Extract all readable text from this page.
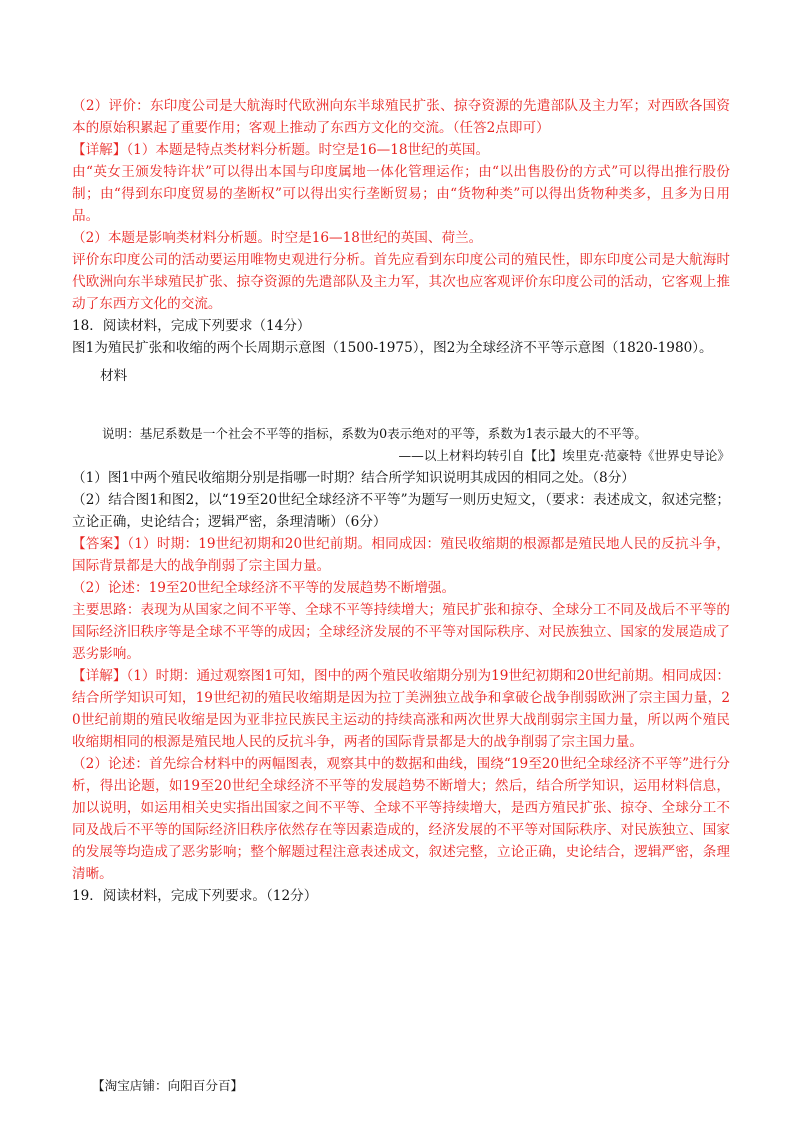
（2）评价：东印度公司是大航海时代欧洲向东半球殖民扩张、掠夺资源的先遣部队及主力军；对西欧各国资本的原始积累起了重要作用；客观上推动了东西方文化的交流。（任答2点即可）

【详解】（1）本题是特点类材料分析题。时空是16—18世纪的英国。

由“英女王颁发特许状”可以得出本国与印度属地一体化管理运作；由“以出售股份的方式”可以得出推行股份制；由“得到东印度贸易的垄断权”可以得出实行垄断贸易；由“货物种类”可以得出货物种类多，且多为日用品。

（2）本题是影响类材料分析题。时空是16—18世纪的英国、荷兰。

评价东印度公司的活动要运用唯物史观进行分析。首先应看到东印度公司的殖民性，即东印度公司是大航海时代欧洲向东半球殖民扩张、掠夺资源的先遣部队及主力军，其次也应客观评价东印度公司的活动，它客观上推动了东西方文化的交流。

18．阅读材料，完成下列要求（14分）

图1为殖民扩张和收缩的两个长周期示意图（1500-1975），图2为全球经济不平等示意图（1820-1980）。

材料

说明：基尼系数是一个社会不平等的指标，系数为0表示绝对的平等，系数为1表示最大的不平等。

——以上材料均转引自【比】埃里克·范豪特《世界史导论》

（1）图1中两个殖民收缩期分别是指哪一时期？结合所学知识说明其成因的相同之处。（8分）

（2）结合图1和图2，以“19至20世纪全球经济不平等”为题写一则历史短文，（要求：表述成文，叙述完整；立论正确，史论结合；逻辑严密，条理清晰）（6分）

【答案】（1）时期：19世纪初期和20世纪前期。相同成因：殖民收缩期的根源都是殖民地人民的反抗斗争，国际背景都是大的战争削弱了宗主国力量。

（2）论述：19至20世纪全球经济不平等的发展趋势不断增强。

主要思路：表现为从国家之间不平等、全球不平等持续增大；殖民扩张和掠夺、全球分工不同及战后不平等的国际经济旧秩序等是全球不平等的成因；全球经济发展的不平等对国际秩序、对民族独立、国家的发展造成了恶劣影响。

【详解】（1）时期：通过观察图1可知，图中的两个殖民收缩期分别为19世纪初期和20世纪前期。相同成因：结合所学知识可知，19世纪初的殖民收缩期是因为拉丁美洲独立战争和拿破仑战争削弱欧洲了宗主国力量，20世纪前期的殖民收缩是因为亚非拉民族民主运动的持续高涨和两次世界大战削弱宗主国力量，所以两个殖民收缩期相同的根源是殖民地人民的反抗斗争，两者的国际背景都是大的战争削弱了宗主国力量。

（2）论述：首先综合材料中的两幅图表，观察其中的数据和曲线，围绕“19至20世纪全球经济不平等”进行分析，得出论题，如19至20世纪全球经济不平等的发展趋势不断增大；然后，结合所学知识，运用材料信息，加以说明，如运用相关史实指出国家之间不平等、全球不平等持续增大，是西方殖民扩张、掠夺、全球分工不同及战后不平等的国际经济旧秩序依然存在等因素造成的，经济发展的不平等对国际秩序、对民族独立、国家的发展等均造成了恶劣影响；整个解题过程注意表述成文，叙述完整，立论正确，史论结合，逻辑严密，条理清晰。

19．阅读材料，完成下列要求。（12分）

【淘宝店铺：向阳百分百】
